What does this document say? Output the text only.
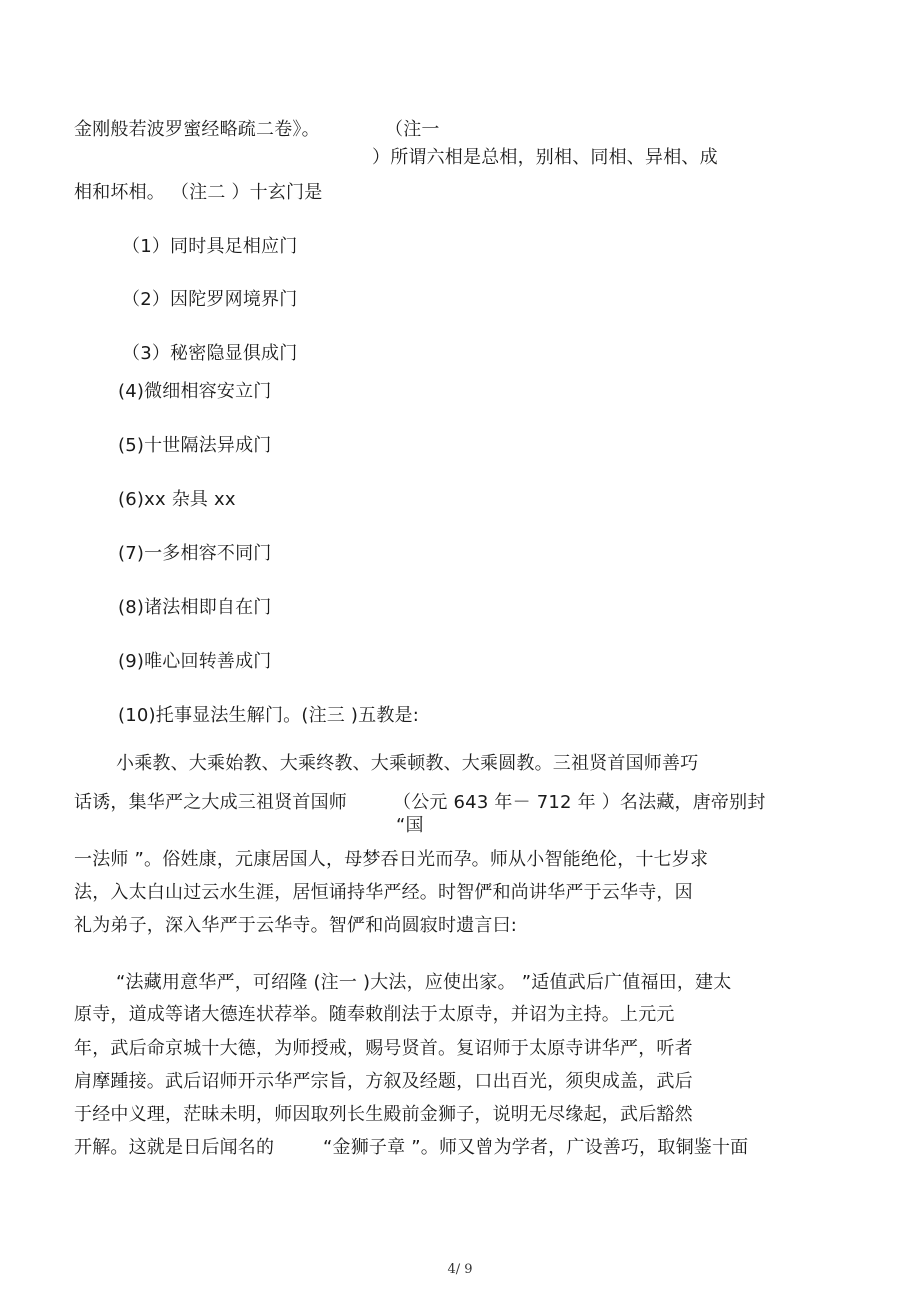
金刚般若波罗蜜经略疏二卷》。	（注一
）所谓六相是总相，别相、同相、异相、成
相和坏相。 （注二 ）十玄门是
（1）同时具足相应门
（2）因陀罗网境界门
（3）秘密隐显俱成门
(4)微细相容安立门
(5)十世隔法异成门
(6)xx 杂具 xx
(7)一多相容不同门
(8)诸法相即自在门
(9)唯心回转善成门
(10)托事显法生解门。(注三 )五教是:
小乘教、大乘始教、大乘终教、大乘顿教、大乘圆教。三祖贤首国师善巧
话诱，集华严之大成三祖贤首国师	（公元 643 年－ 712 年 ）名法藏，唐帝别封
“国
一法师 ”。俗姓康，元康居国人，母梦吞日光而孕。师从小智能绝伦，十七岁求
法，入太白山过云水生涯，居恒诵持华严经。时智俨和尚讲华严于云华寺，因
礼为弟子，深入华严于云华寺。智俨和尚圆寂时遗言曰:
“法藏用意华严，可绍隆 (注一 )大法，应使出家。 ”适值武后广值福田，建太
原寺，道成等诸大德连状荐举。随奉敕削法于太原寺，并诏为主持。上元元
年，武后命京城十大德，为师授戒，赐号贤首。复诏师于太原寺讲华严，听者
肩摩踵接。武后诏师开示华严宗旨，方叙及经题，口出百光，须臾成盖，武后
于经中义理，茫昧未明，师因取列长生殿前金狮子，说明无尽缘起，武后豁然
开解。这就是日后闻名的	“金狮子章 ”。师又曾为学者，广设善巧，取铜鉴十面
4/ 9
